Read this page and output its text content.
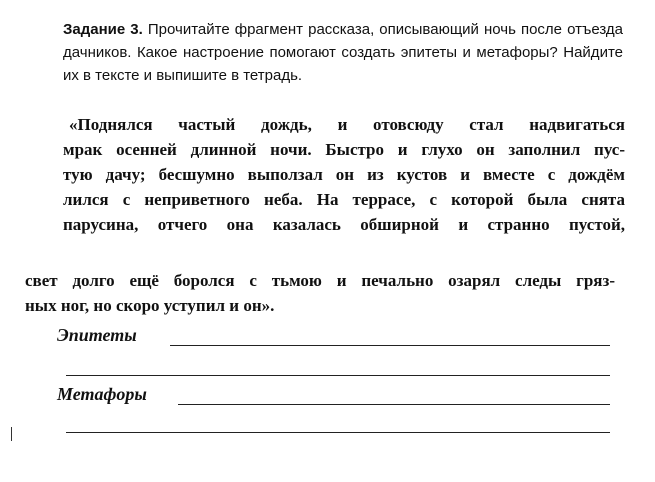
Задание 3. Прочитайте фрагмент рассказа, описывающий ночь после отъезда дачников. Какое настроение помогают создать эпитеты и метафоры? Найдите их в тексте и выпишите в тетрадь.
«Поднялся частый дождь, и отовсюду стал надвигаться
мрак осенней длинной ночи. Быстро и глухо он заполнил пус-
тую дачу; бесшумно выползал он из кустов и вместе с дождём
лился с неприветного неба. На террасе, с которой была снята
парусина, отчего она казалась обширной и странно пустой,
свет долго ещё боролся с тьмою и печально озарял следы гряз-
ных ног, но скоро уступил и он».
Эпитеты
Метафоры
